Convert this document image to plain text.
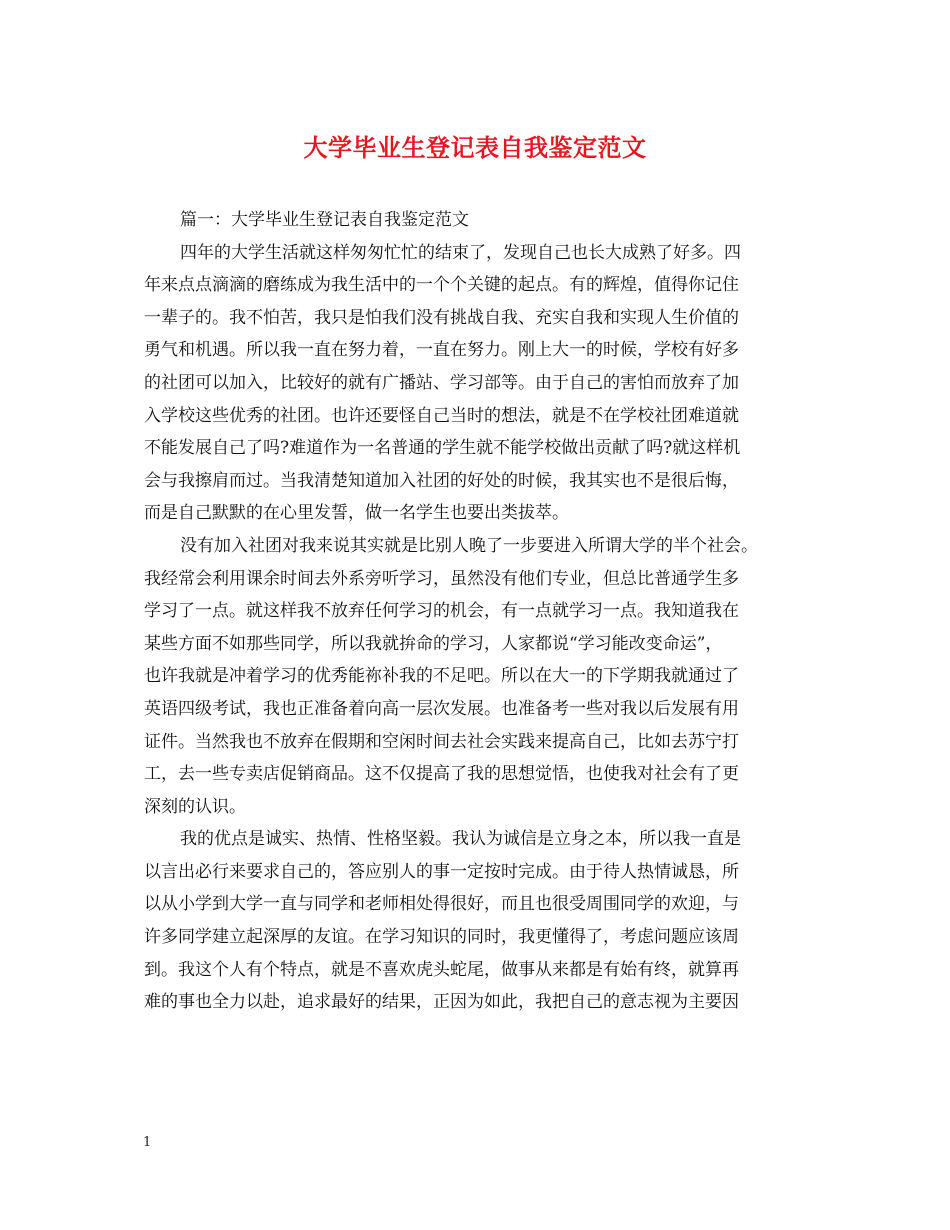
大学毕业生登记表自我鉴定范文

篇一：大学毕业生登记表自我鉴定范文

四年的大学生活就这样匆匆忙忙的结束了，发现自己也长大成熟了好多。四

年来点点滴滴的磨练成为我生活中的一个个关键的起点。有的辉煌，值得你记住

一辈子的。我不怕苦，我只是怕我们没有挑战自我、充实自我和实现人生价值的

勇气和机遇。所以我一直在努力着，一直在努力。刚上大一的时候，学校有好多

的社团可以加入，比较好的就有广播站、学习部等。由于自己的害怕而放弃了加

入学校这些优秀的社团。也许还要怪自己当时的想法，就是不在学校社团难道就

不能发展自己了吗?难道作为一名普通的学生就不能学校做出贡献了吗?就这样机

会与我擦肩而过。当我清楚知道加入社团的好处的时候，我其实也不是很后悔，

而是自己默默的在心里发誓，做一名学生也要出类拔萃。

没有加入社团对我来说其实就是比别人晚了一步要进入所谓大学的半个社会。

我经常会利用课余时间去外系旁听学习，虽然没有他们专业，但总比普通学生多

学习了一点。就这样我不放弃任何学习的机会，有一点就学习一点。我知道我在

某些方面不如那些同学，所以我就拚命的学习，人家都说“学习能改变命运”，

也许我就是冲着学习的优秀能祢补我的不足吧。所以在大一的下学期我就通过了

英语四级考试，我也正准备着向高一层次发展。也准备考一些对我以后发展有用

证件。当然我也不放弃在假期和空闲时间去社会实践来提高自己，比如去苏宁打

工，去一些专卖店促销商品。这不仅提高了我的思想觉悟，也使我对社会有了更

深刻的认识。

我的优点是诚实、热情、性格坚毅。我认为诚信是立身之本，所以我一直是

以言出必行来要求自己的，答应别人的事一定按时完成。由于待人热情诚恳，所

以从小学到大学一直与同学和老师相处得很好，而且也很受周围同学的欢迎，与

许多同学建立起深厚的友谊。在学习知识的同时，我更懂得了，考虑问题应该周

到。我这个人有个特点，就是不喜欢虎头蛇尾，做事从来都是有始有终，就算再

难的事也全力以赴，追求最好的结果，正因为如此，我把自己的意志视为主要因

1
